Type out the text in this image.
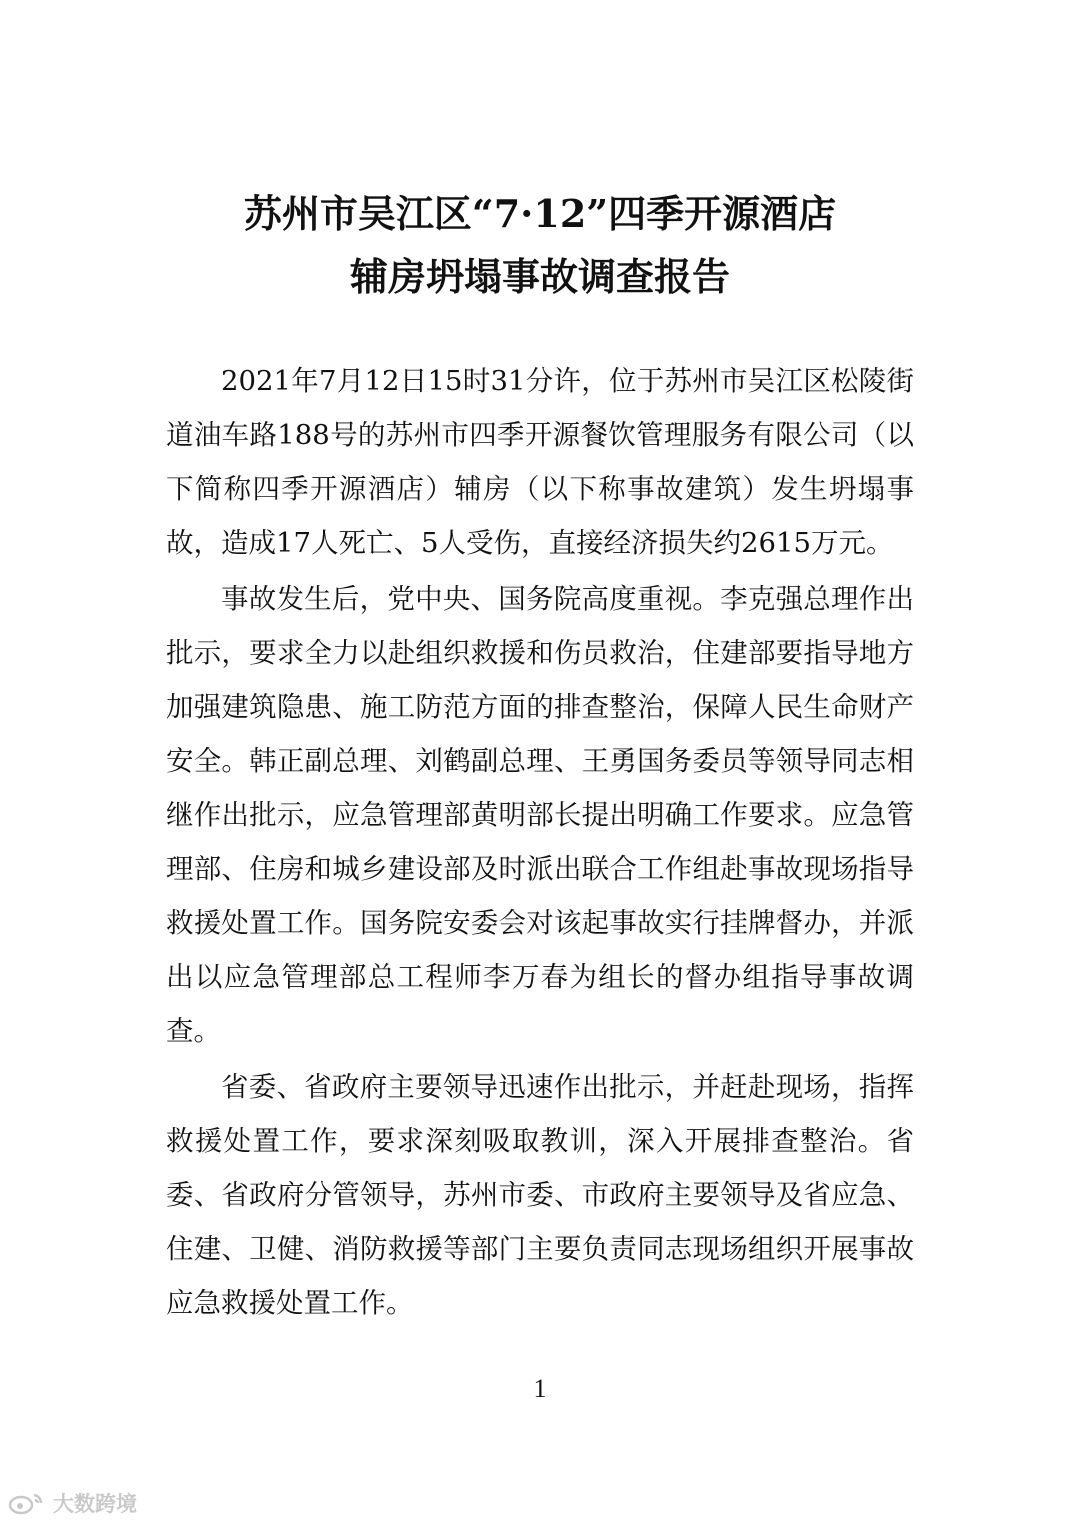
苏州市吴江区“7·12”四季开源酒店
辅房坍塌事故调查报告

2021年7月12日15时31分许，位于苏州市吴江区松陵街道油车路188号的苏州市四季开源餐饮管理服务有限公司（以下简称四季开源酒店）辅房（以下称事故建筑）发生坍塌事故，造成17人死亡、5人受伤，直接经济损失约2615万元。

事故发生后，党中央、国务院高度重视。李克强总理作出批示，要求全力以赴组织救援和伤员救治，住建部要指导地方加强建筑隐患、施工防范方面的排查整治，保障人民生命财产安全。韩正副总理、刘鹤副总理、王勇国务委员等领导同志相继作出批示，应急管理部黄明部长提出明确工作要求。应急管理部、住房和城乡建设部及时派出联合工作组赴事故现场指导救援处置工作。国务院安委会对该起事故实行挂牌督办，并派出以应急管理部总工程师李万春为组长的督办组指导事故调查。

省委、省政府主要领导迅速作出批示，并赶赴现场，指挥救援处置工作，要求深刻吸取教训，深入开展排查整治。省委、省政府分管领导，苏州市委、市政府主要领导及省应急、住建、卫健、消防救援等部门主要负责同志现场组织开展事故应急救援处置工作。

1
大数跨境
